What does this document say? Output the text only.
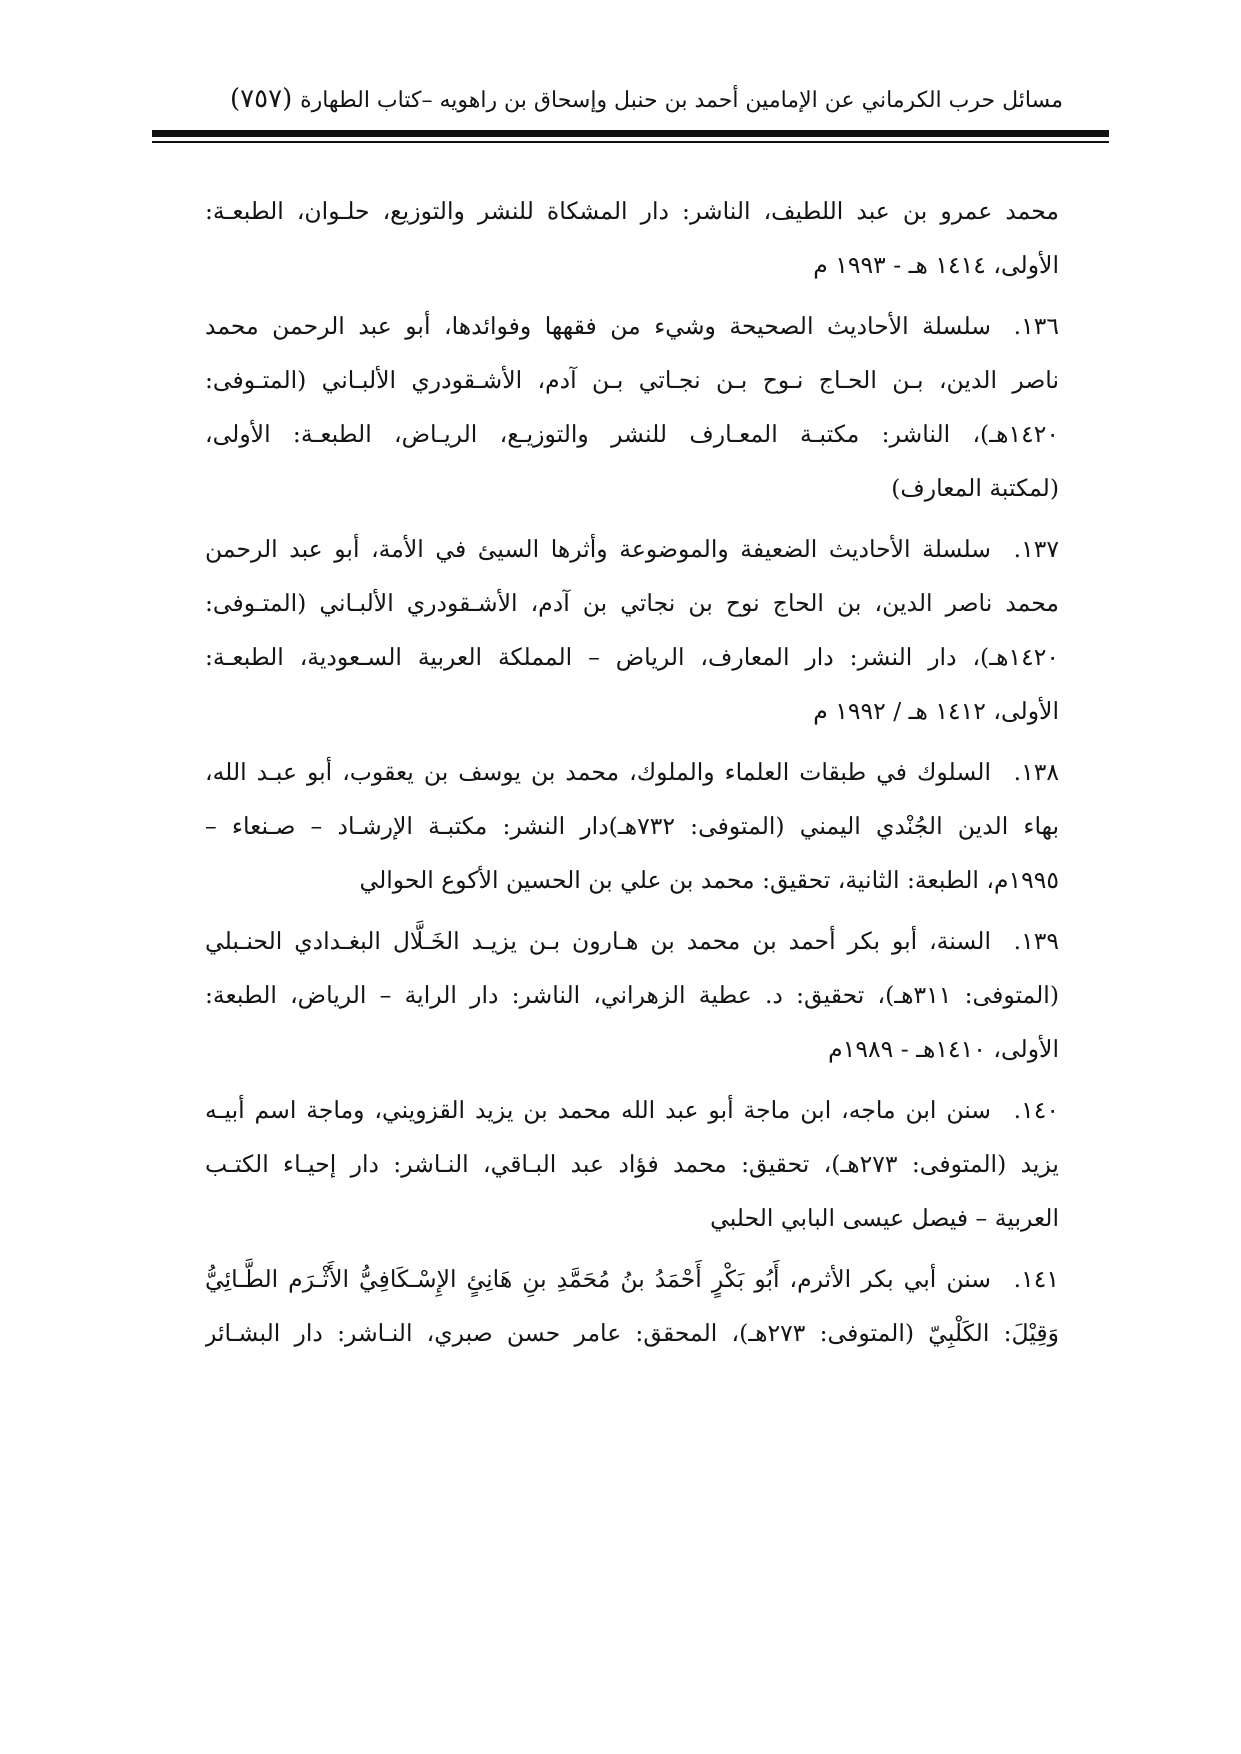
مسائل حرب الكرماني عن الإمامين أحمد بن حنبل وإسحاق بن راهويه –كتاب الطهارة
(٧٥٧)
محمد عمرو بن عبد اللطيف، الناشر: دار المشكاة للنشر والتوزيع، حلـوان، الطبعـة:
الأولى، ١٤١٤ هـ - ١٩٩٣ م
١٣٦.سلسلة الأحاديث الصحيحة وشيء من فقهها وفوائدها، أبو عبد الرحمن محمد
ناصر الدين، بـن الحـاج نـوح بـن نجـاتي بـن آدم، الأشـقودري الألبـاني (المتـوفى:
١٤٢٠هـ)، الناشر: مكتبـة المعـارف للنشر والتوزيـع، الريـاض، الطبعـة: الأولى،
(لمكتبة المعارف)
١٣٧.سلسلة الأحاديث الضعيفة والموضوعة وأثرها السيئ في الأمة، أبو عبد الرحمن
محمد ناصر الدين، بن الحاج نوح بن نجاتي بن آدم، الأشـقودري الألبـاني (المتـوفى:
١٤٢٠هـ)، دار النشر: دار المعارف، الرياض – المملكة العربية السـعودية، الطبعـة:
الأولى، ١٤١٢ هـ / ١٩٩٢ م
١٣٨.السلوك في طبقات العلماء والملوك، محمد بن يوسف بن يعقوب، أبو عبـد الله،
بهاء الدين الجُنْدي اليمني (المتوفى: ٧٣٢هـ)دار النشر: مكتبـة الإرشـاد – صـنعاء –
١٩٩٥م، الطبعة: الثانية، تحقيق: محمد بن علي بن الحسين الأكوع الحوالي
١٣٩.السنة، أبو بكر أحمد بن محمد بن هـارون بـن يزيـد الخَـلَّال البغـدادي الحنـبلي
(المتوفى: ٣١١هـ)، تحقيق: د. عطية الزهراني، الناشر: دار الراية – الرياض، الطبعة:
الأولى، ١٤١٠هـ - ١٩٨٩م
١٤٠.سنن ابن ماجه، ابن ماجة أبو عبد الله محمد بن يزيد القزويني، وماجة اسم أبيـه
يزيد (المتوفى: ٢٧٣هـ)، تحقيق: محمد فؤاد عبد البـاقي، النـاشر: دار إحيـاء الكتـب
العربية – فيصل عيسى البابي الحلبي
١٤١.سنن أبي بكر الأثرم، أَبُو بَكْرٍ أَحْمَدُ بنُ مُحَمَّدِ بنِ هَانِئٍ الإِسْـكَافِيُّ الأَثْـرَم الطَّـائِيُّ
وَقِيْلَ: الكَلْبِيّ (المتوفى: ٢٧٣هـ)، المحقق: عامر حسن صبري، النـاشر: دار البشـائر
